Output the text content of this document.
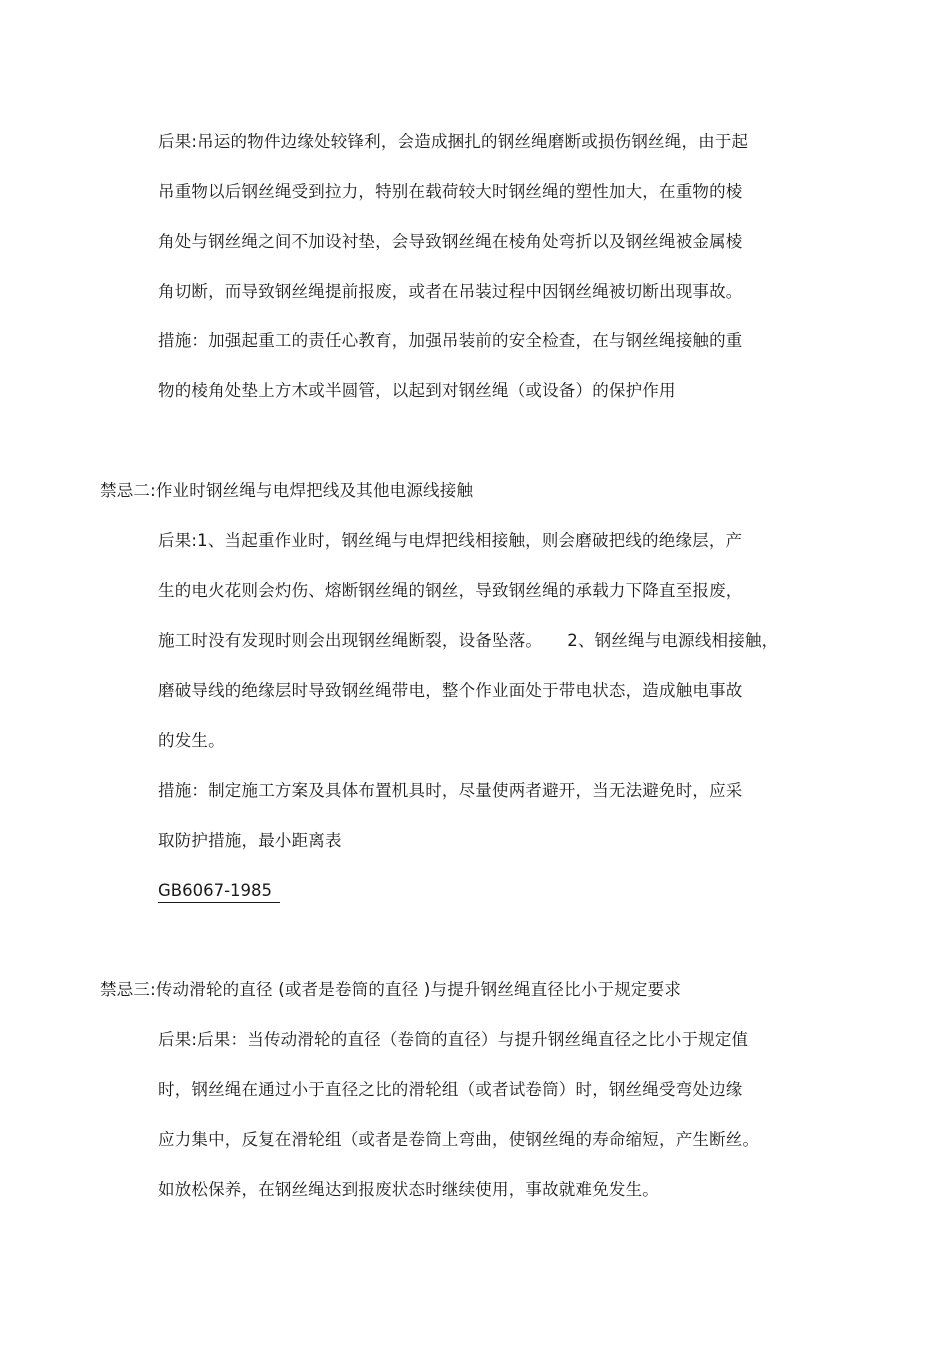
后果:吊运的物件边缘处较锋利，会造成捆扎的钢丝绳磨断或损伤钢丝绳，由于起
吊重物以后钢丝绳受到拉力，特别在载荷较大时钢丝绳的塑性加大，在重物的棱
角处与钢丝绳之间不加设衬垫，会导致钢丝绳在棱角处弯折以及钢丝绳被金属棱
角切断，而导致钢丝绳提前报废，或者在吊装过程中因钢丝绳被切断出现事故。
措施：加强起重工的责任心教育，加强吊装前的安全检查，在与钢丝绳接触的重
物的棱角处垫上方木或半圆管，以起到对钢丝绳（或设备）的保护作用
禁忌二:作业时钢丝绳与电焊把线及其他电源线接触
后果:1、当起重作业时，钢丝绳与电焊把线相接触，则会磨破把线的绝缘层，产
生的电火花则会灼伤、熔断钢丝绳的钢丝，导致钢丝绳的承载力下降直至报废，
施工时没有发现时则会出现钢丝绳断裂，设备坠落。　　2、钢丝绳与电源线相接触，
磨破导线的绝缘层时导致钢丝绳带电，整个作业面处于带电状态，造成触电事故
的发生。
措施：制定施工方案及具体布置机具时，尽量使两者避开，当无法避免时，应采
取防护措施，最小距离表
GB6067-1985
禁忌三:传动滑轮的直径 (或者是卷筒的直径 )与提升钢丝绳直径比小于规定要求
后果:后果：当传动滑轮的直径（卷筒的直径）与提升钢丝绳直径之比小于规定值
时，钢丝绳在通过小于直径之比的滑轮组（或者试卷筒）时，钢丝绳受弯处边缘
应力集中，反复在滑轮组（或者是卷筒上弯曲，使钢丝绳的寿命缩短，产生断丝。
如放松保养，在钢丝绳达到报废状态时继续使用，事故就难免发生。
